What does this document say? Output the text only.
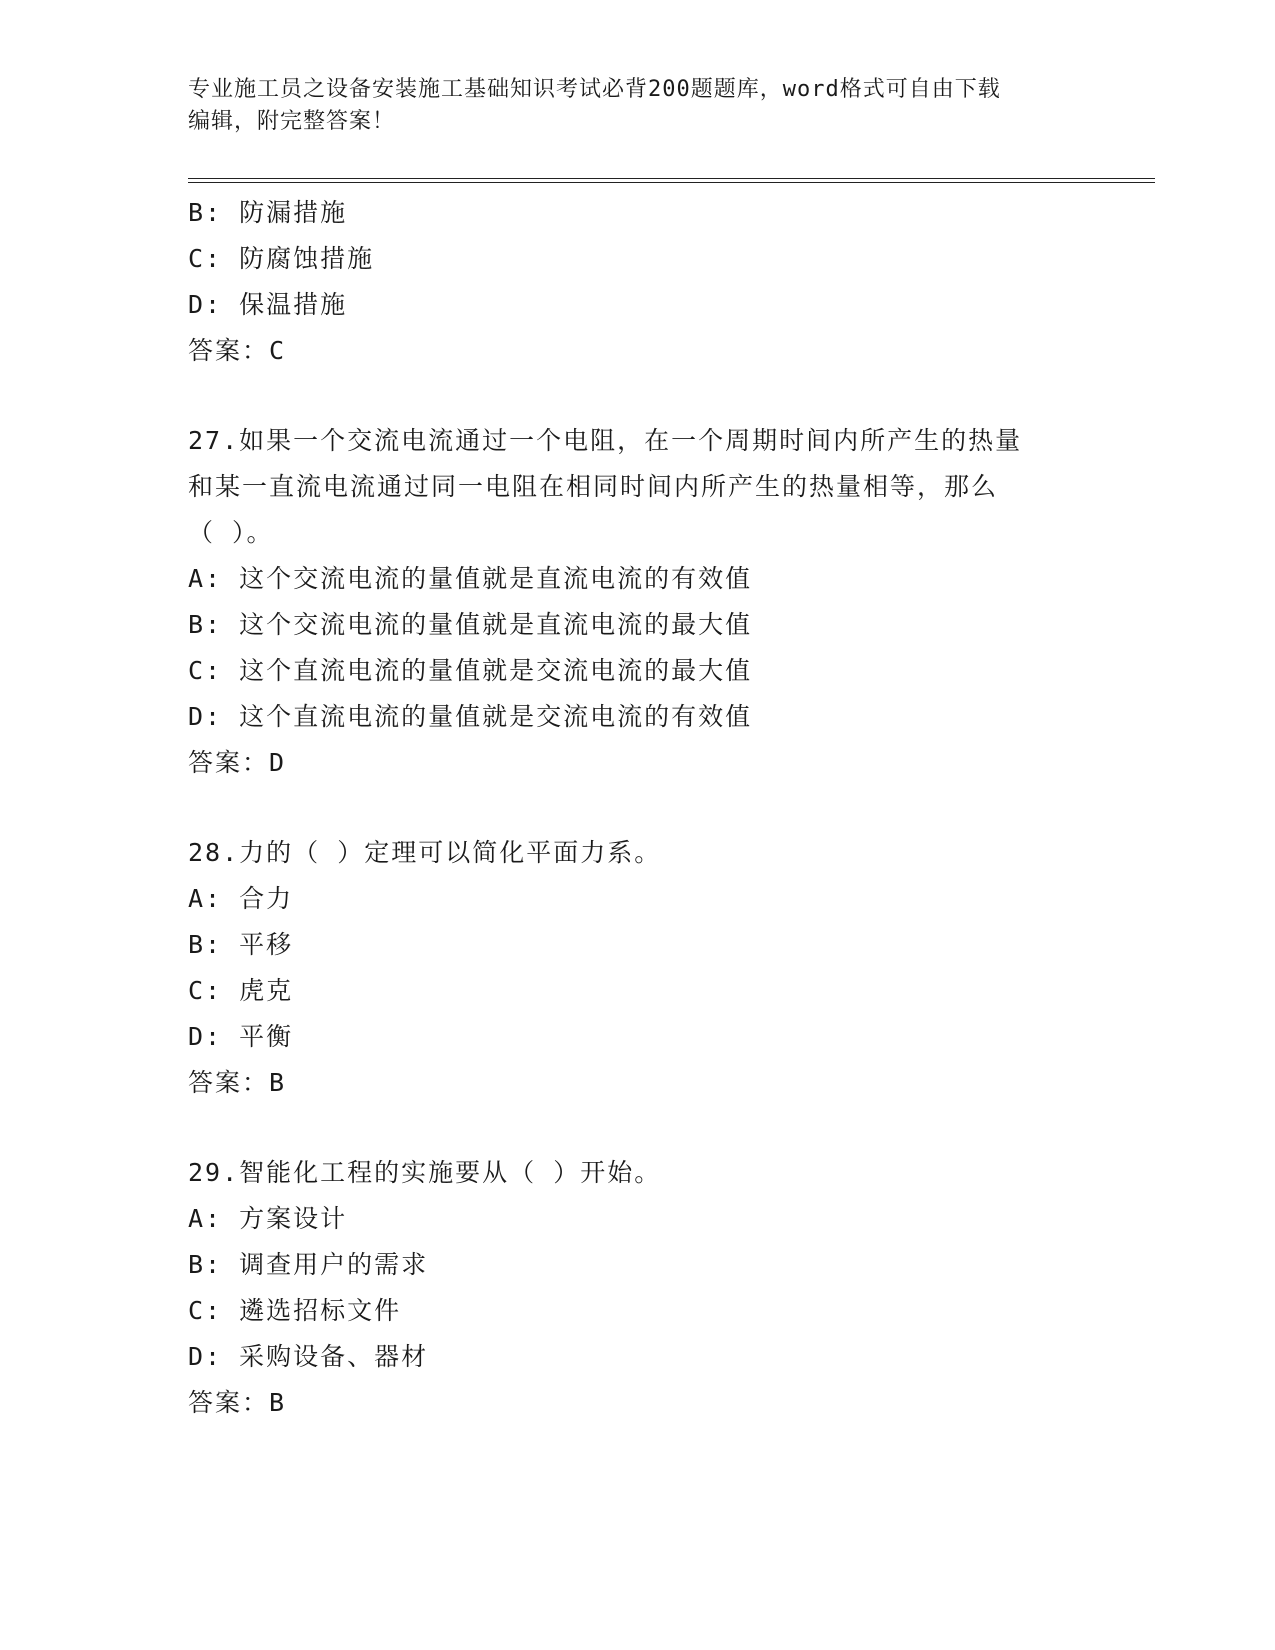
专业施工员之设备安装施工基础知识考试必背200题题库，word格式可自由下载
编辑，附完整答案！
B: 防漏措施
C: 防腐蚀措施
D: 保温措施
答案：C
27.如果一个交流电流通过一个电阻，在一个周期时间内所产生的热量
和某一直流电流通过同一电阻在相同时间内所产生的热量相等，那么
（ ）。
A: 这个交流电流的量值就是直流电流的有效值
B: 这个交流电流的量值就是直流电流的最大值
C: 这个直流电流的量值就是交流电流的最大值
D: 这个直流电流的量值就是交流电流的有效值
答案：D
28.力的（ ）定理可以简化平面力系。
A: 合力
B: 平移
C: 虎克
D: 平衡
答案：B
29.智能化工程的实施要从（ ）开始。
A: 方案设计
B: 调查用户的需求
C: 遴选招标文件
D: 采购设备、器材
答案：B
